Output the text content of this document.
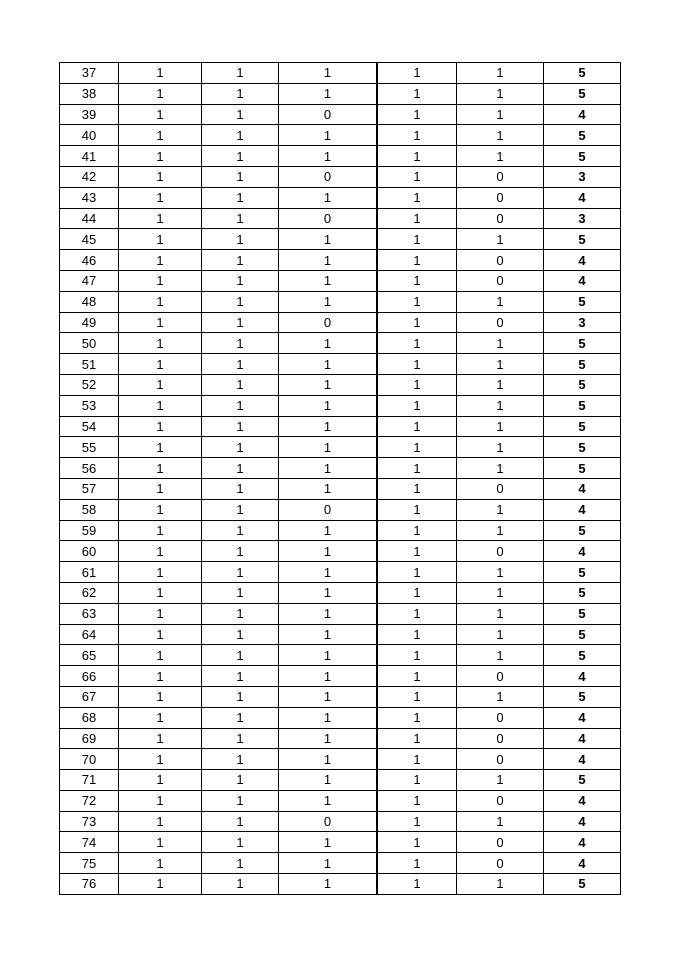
37	1	1	1	1	1	5
38	1	1	1	1	1	5
39	1	1	0	1	1	4
40	1	1	1	1	1	5
41	1	1	1	1	1	5
42	1	1	0	1	0	3
43	1	1	1	1	0	4
44	1	1	0	1	0	3
45	1	1	1	1	1	5
46	1	1	1	1	0	4
47	1	1	1	1	0	4
48	1	1	1	1	1	5
49	1	1	0	1	0	3
50	1	1	1	1	1	5
51	1	1	1	1	1	5
52	1	1	1	1	1	5
53	1	1	1	1	1	5
54	1	1	1	1	1	5
55	1	1	1	1	1	5
56	1	1	1	1	1	5
57	1	1	1	1	0	4
58	1	1	0	1	1	4
59	1	1	1	1	1	5
60	1	1	1	1	0	4
61	1	1	1	1	1	5
62	1	1	1	1	1	5
63	1	1	1	1	1	5
64	1	1	1	1	1	5
65	1	1	1	1	1	5
66	1	1	1	1	0	4
67	1	1	1	1	1	5
68	1	1	1	1	0	4
69	1	1	1	1	0	4
70	1	1	1	1	0	4
71	1	1	1	1	1	5
72	1	1	1	1	0	4
73	1	1	0	1	1	4
74	1	1	1	1	0	4
75	1	1	1	1	0	4
76	1	1	1	1	1	5
